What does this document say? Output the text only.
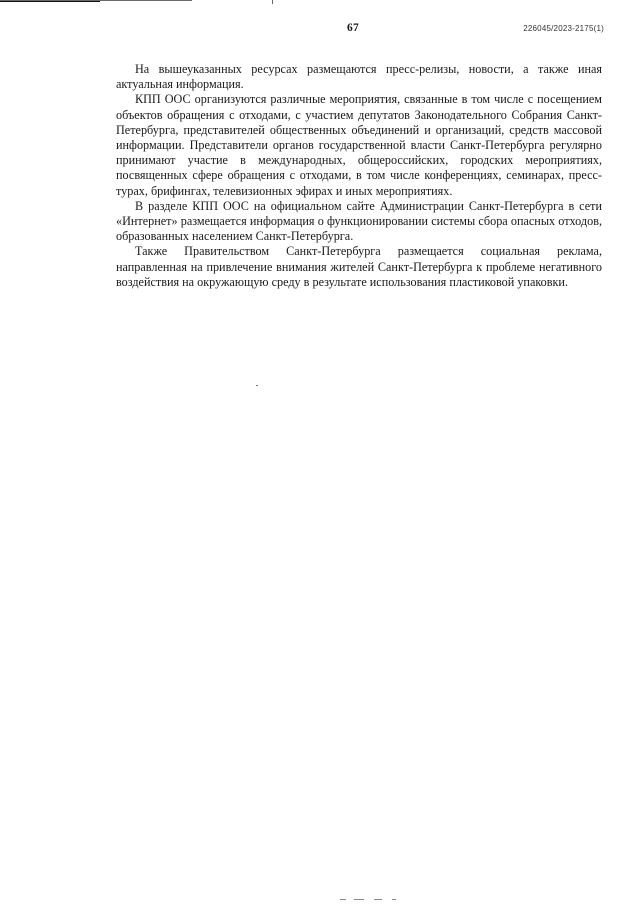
67	226045/2023-2175(1)

На вышеуказанных ресурсах размещаются пресс-релизы, новости, а также иная актуальная информация.

КПП ООС организуются различные мероприятия, связанные в том числе с посещением объектов обращения с отходами, с участием депутатов Законодательного Собрания Санкт-Петербурга, представителей общественных объединений и организаций, средств массовой информации. Представители органов государственной власти Санкт-Петербурга регулярно принимают участие в международных, общероссийских, городских мероприятиях, посвященных сфере обращения с отходами, в том числе конференциях, семинарах, пресс-турах, брифингах, телевизионных эфирах и иных мероприятиях.

В разделе КПП ООС на официальном сайте Администрации Санкт-Петербурга в сети «Интернет» размещается информация о функционировании системы сбора опасных отходов, образованных населением Санкт-Петербурга.

Также Правительством Санкт-Петербурга размещается социальная реклама, направленная на привлечение внимания жителей Санкт-Петербурга к проблеме негативного воздействия на окружающую среду в результате использования пластиковой упаковки.
